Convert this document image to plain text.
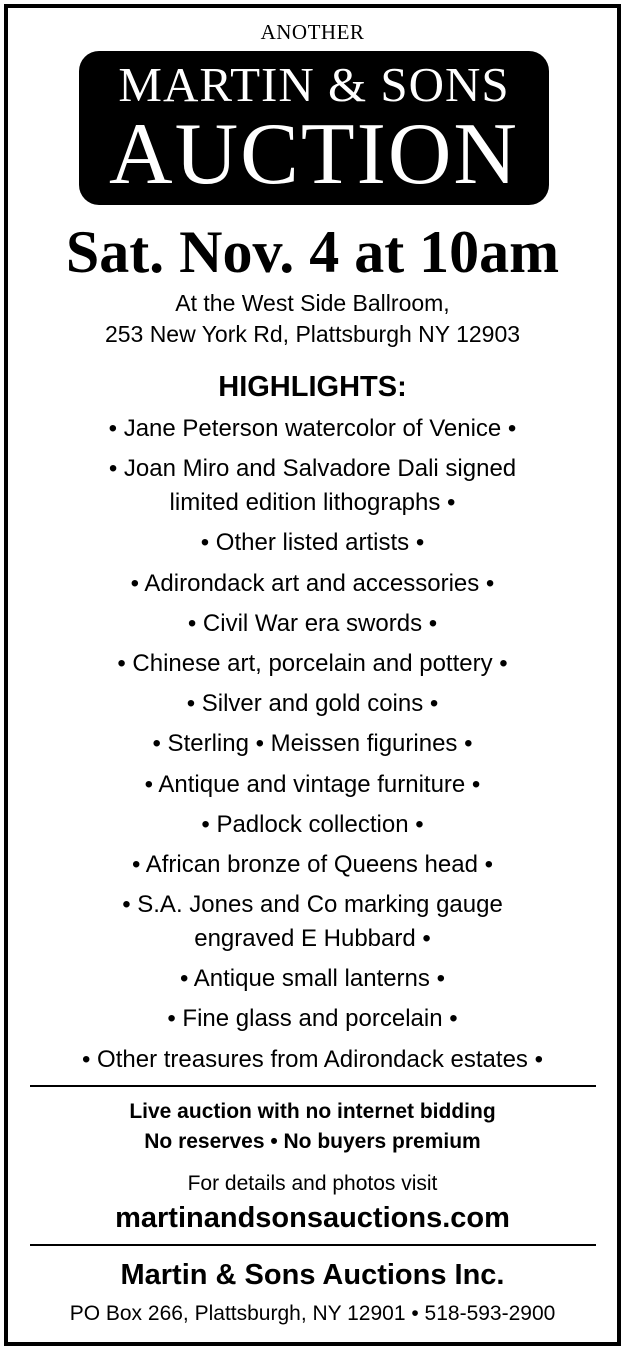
ANOTHER
MARTIN & SONS
AUCTION
Sat. Nov. 4 at 10am
At the West Side Ballroom,
253 New York Rd, Plattsburgh NY 12903
HIGHLIGHTS:
• Jane Peterson watercolor of Venice •
• Joan Miro and Salvadore Dali signed
limited edition lithographs •
• Other listed artists •
• Adirondack art and accessories •
• Civil War era swords •
• Chinese art, porcelain and pottery •
• Silver and gold coins •
• Sterling • Meissen figurines •
• Antique and vintage furniture •
• Padlock collection •
• African bronze of Queens head •
• S.A. Jones and Co marking gauge
engraved E Hubbard •
• Antique small lanterns •
• Fine glass and porcelain •
• Other treasures from Adirondack estates •
Live auction with no internet bidding
No reserves • No buyers premium
For details and photos visit
martinandsonsauctions.com
Martin & Sons Auctions Inc.
PO Box 266, Plattsburgh, NY 12901 • 518-593-2900
